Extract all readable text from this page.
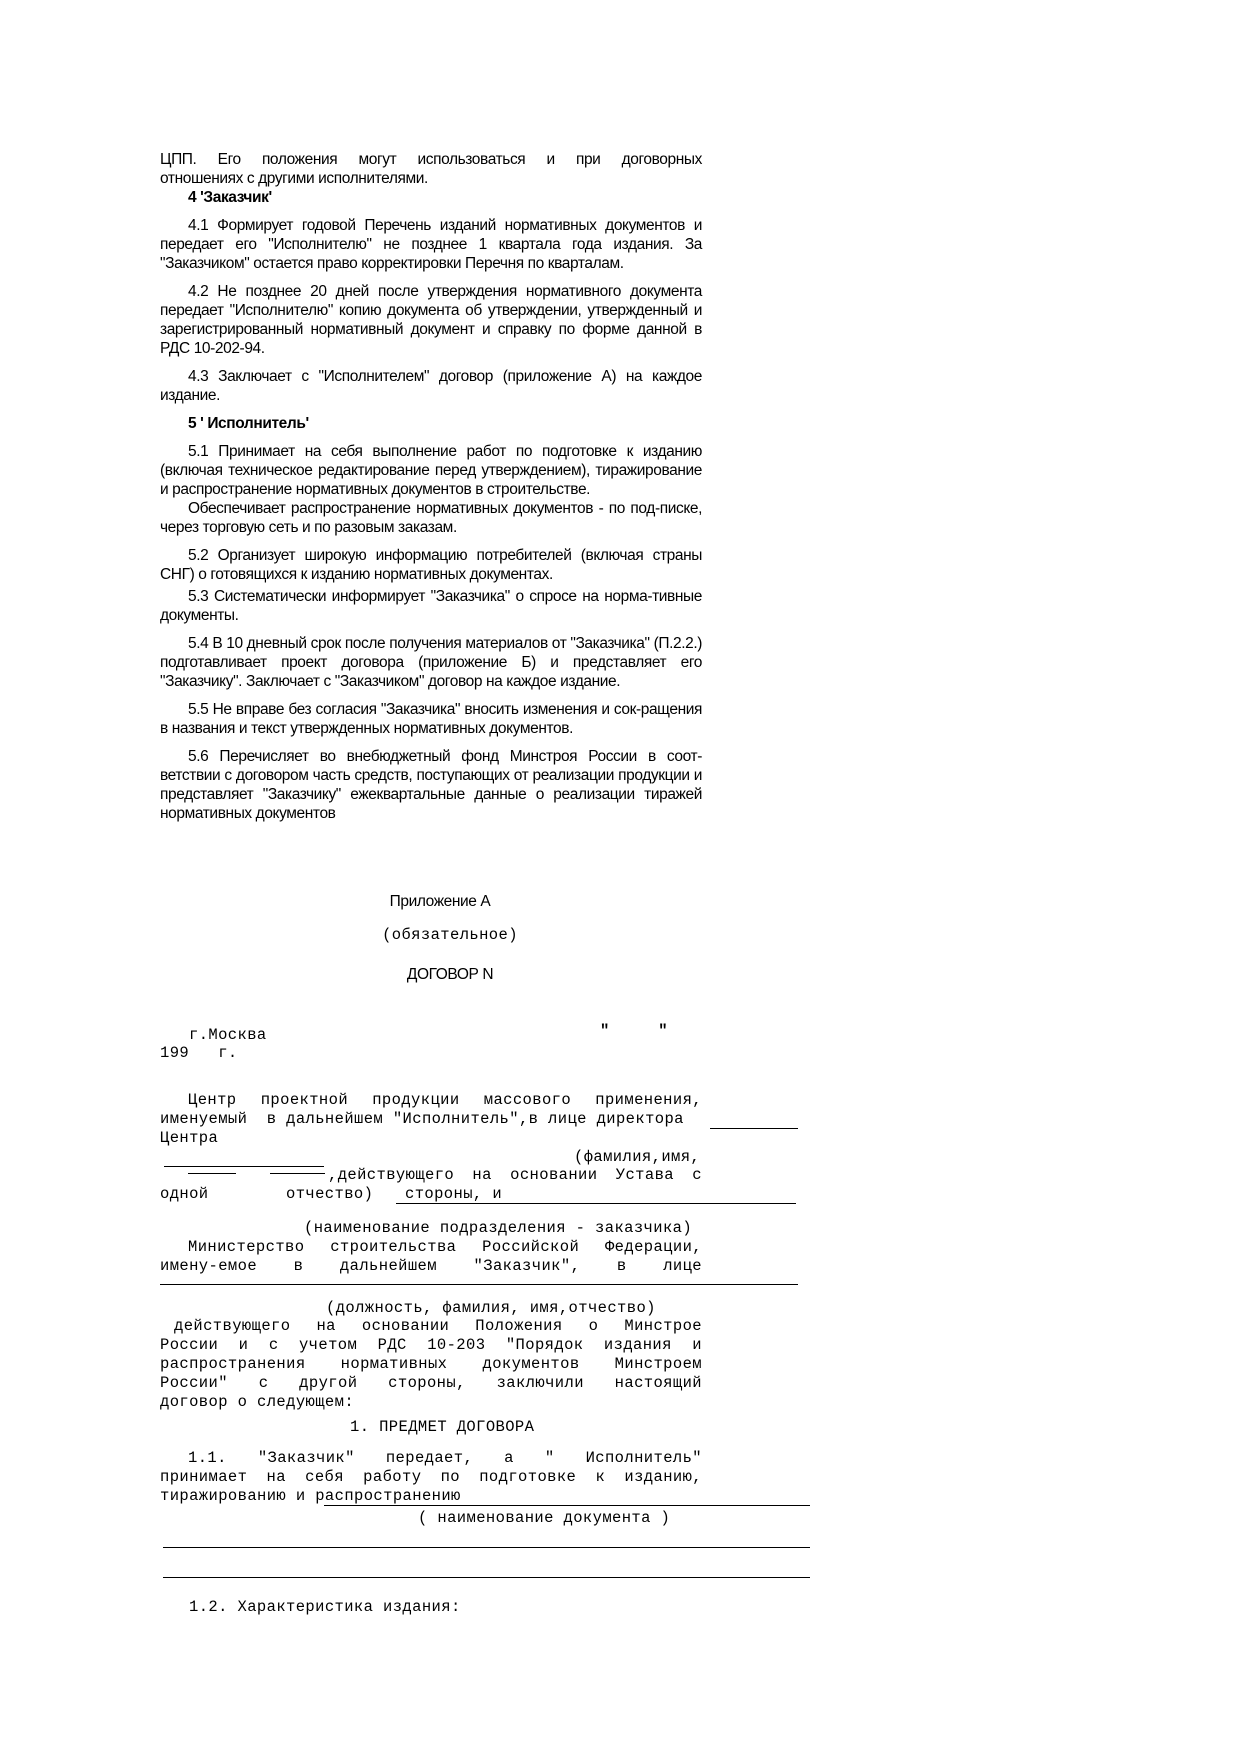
ЦПП. Его положения могут использоваться и при договорных

отношениях с другими исполнителями.

4 'Заказчик'

4.1 Формирует годовой Перечень изданий нормативных документов и передает его "Исполнителю" не позднее 1 квартала года издания. За "Заказчиком" остается право корректировки Перечня по кварталам.

4.2 Не позднее 20 дней после утверждения нормативного документа передает "Исполнителю" копию документа об утверждении, утвержденный и зарегистрированный нормативный документ и справку по форме данной в РДС 10-202-94.

4.3 Заключает с "Исполнителем" договор (приложение А) на каждое издание.

5 ' Исполнитель'

5.1 Принимает на себя выполнение работ по подготовке к изданию (включая техническое редактирование перед утверждением), тиражирование и распространение нормативных документов в строительстве.

Обеспечивает распространение нормативных документов - по под-писке, через торговую сеть и по разовым заказам.

5.2 Организует широкую информацию потребителей (включая страны СНГ) о готовящихся к изданию нормативных документах.

5.3 Систематически информирует "Заказчика" о спросе на норма-тивные документы.

5.4 В 10 дневный срок после получения материалов от "Заказчика" (П.2.2.) подготавливает проект договора (приложение Б) и представляет его "Заказчику". Заключает с "Заказчиком" договор на каждое издание.

5.5 Не вправе без согласия "Заказчика" вносить изменения и сок-ращения в названия и текст утвержденных нормативных документов.

5.6 Перечисляет во внебюджетный фонд Минстроя России в соот-ветствии с договором часть средств, поступающих от реализации продукции и представляет "Заказчику" ежеквартальные данные о реализации тиражей нормативных документов

Приложение А
(обязательное)
ДОГОВОР N
г.Москва	"     "
199   г.

Центр проектной продукции массового применения,

именуемый  в дальнейшем "Исполнитель",в лице директора
Центра
(фамилия,имя,
,действующего на основании Устава с
одной	отчество) стороны, и
(наименование подразделения - заказчика)

Министерство строительства Российской Федерации,

имену-емое в дальнейшем "Заказчик", в лице

(должность, фамилия, имя,отчество)

действующего на основании Положения о Минстрое

России и с учетом РДС 10-203 "Порядок издания и

распространения нормативных документов Минстроем

России" с другой стороны, заключили настоящий

договор о следующем:

1. ПРЕДМЕТ ДОГОВОРА

1.1. "Заказчик" передает, а " Исполнитель"

принимает на себя работу по подготовке к изданию,

тиражированию и распространению

( наименование документа )
1.2. Характеристика издания:
